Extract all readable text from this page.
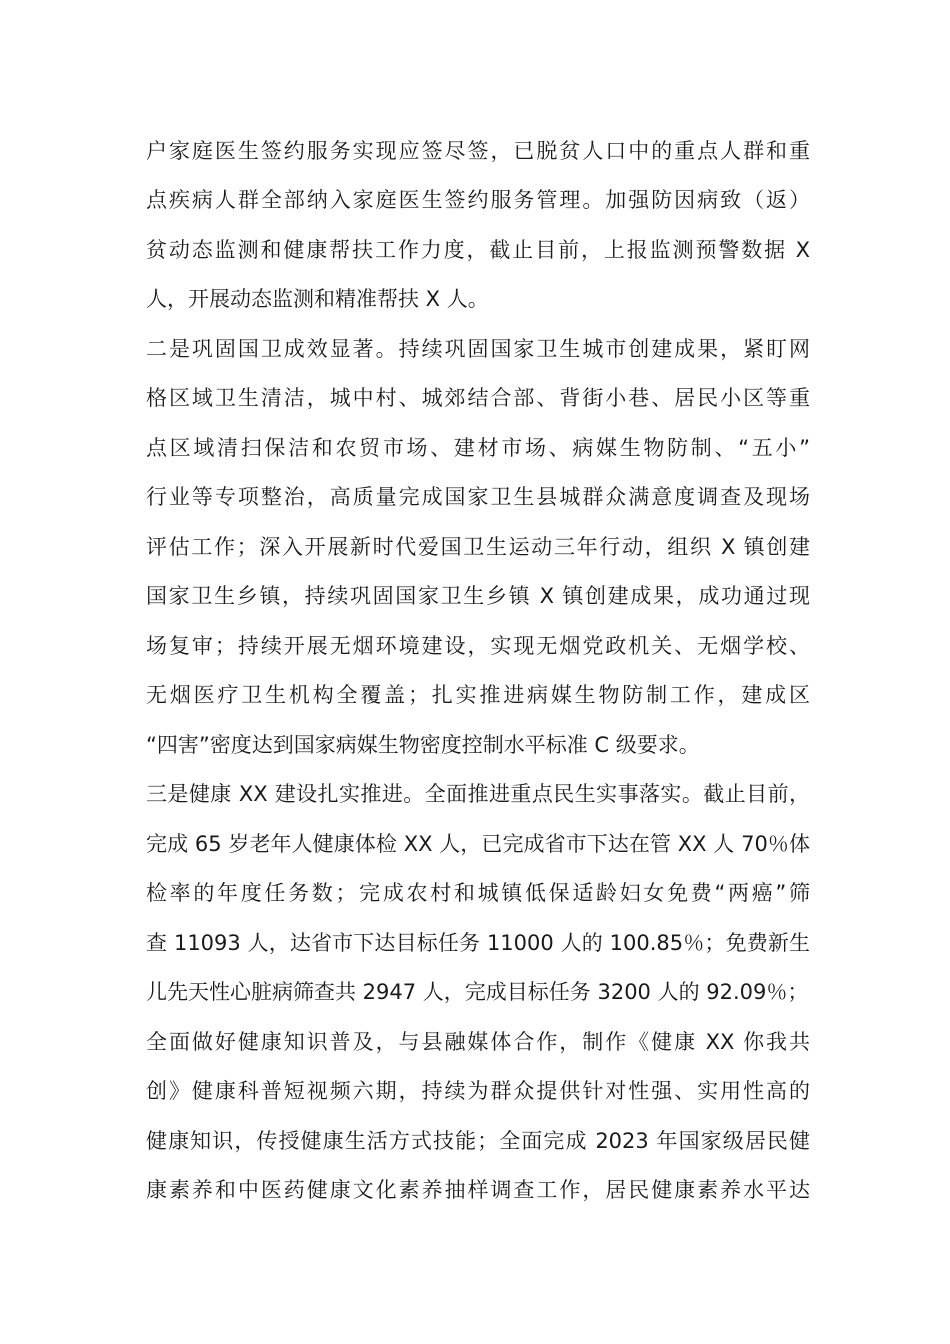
户家庭医生签约服务实现应签尽签，已脱贫人口中的重点人群和重
点疾病人群全部纳入家庭医生签约服务管理。加强防因病致（返）
贫动态监测和健康帮扶工作力度，截止目前，上报监测预警数据 X
人，开展动态监测和精准帮扶 X 人。
二是巩固国卫成效显著。持续巩固国家卫生城市创建成果，紧盯网
格区域卫生清洁，城中村、城郊结合部、背街小巷、居民小区等重
点区域清扫保洁和农贸市场、建材市场、病媒生物防制、“五小”
行业等专项整治，高质量完成国家卫生县城群众满意度调查及现场
评估工作；深入开展新时代爱国卫生运动三年行动，组织 X 镇创建
国家卫生乡镇，持续巩固国家卫生乡镇 X 镇创建成果，成功通过现
场复审；持续开展无烟环境建设，实现无烟党政机关、无烟学校、
无烟医疗卫生机构全覆盖；扎实推进病媒生物防制工作，建成区
“四害”密度达到国家病媒生物密度控制水平标准 C 级要求。
三是健康 XX 建设扎实推进。全面推进重点民生实事落实。截止目前，
完成 65 岁老年人健康体检 XX 人，已完成省市下达在管 XX 人 70％体
检率的年度任务数；完成农村和城镇低保适龄妇女免费“两癌”筛
查 11093 人，达省市下达目标任务 11000 人的 100.85％；免费新生
儿先天性心脏病筛查共 2947 人，完成目标任务 3200 人的 92.09％；
全面做好健康知识普及，与县融媒体合作，制作《健康 XX 你我共
创》健康科普短视频六期，持续为群众提供针对性强、实用性高的
健康知识，传授健康生活方式技能；全面完成 2023 年国家级居民健
康素养和中医药健康文化素养抽样调查工作，居民健康素养水平达
